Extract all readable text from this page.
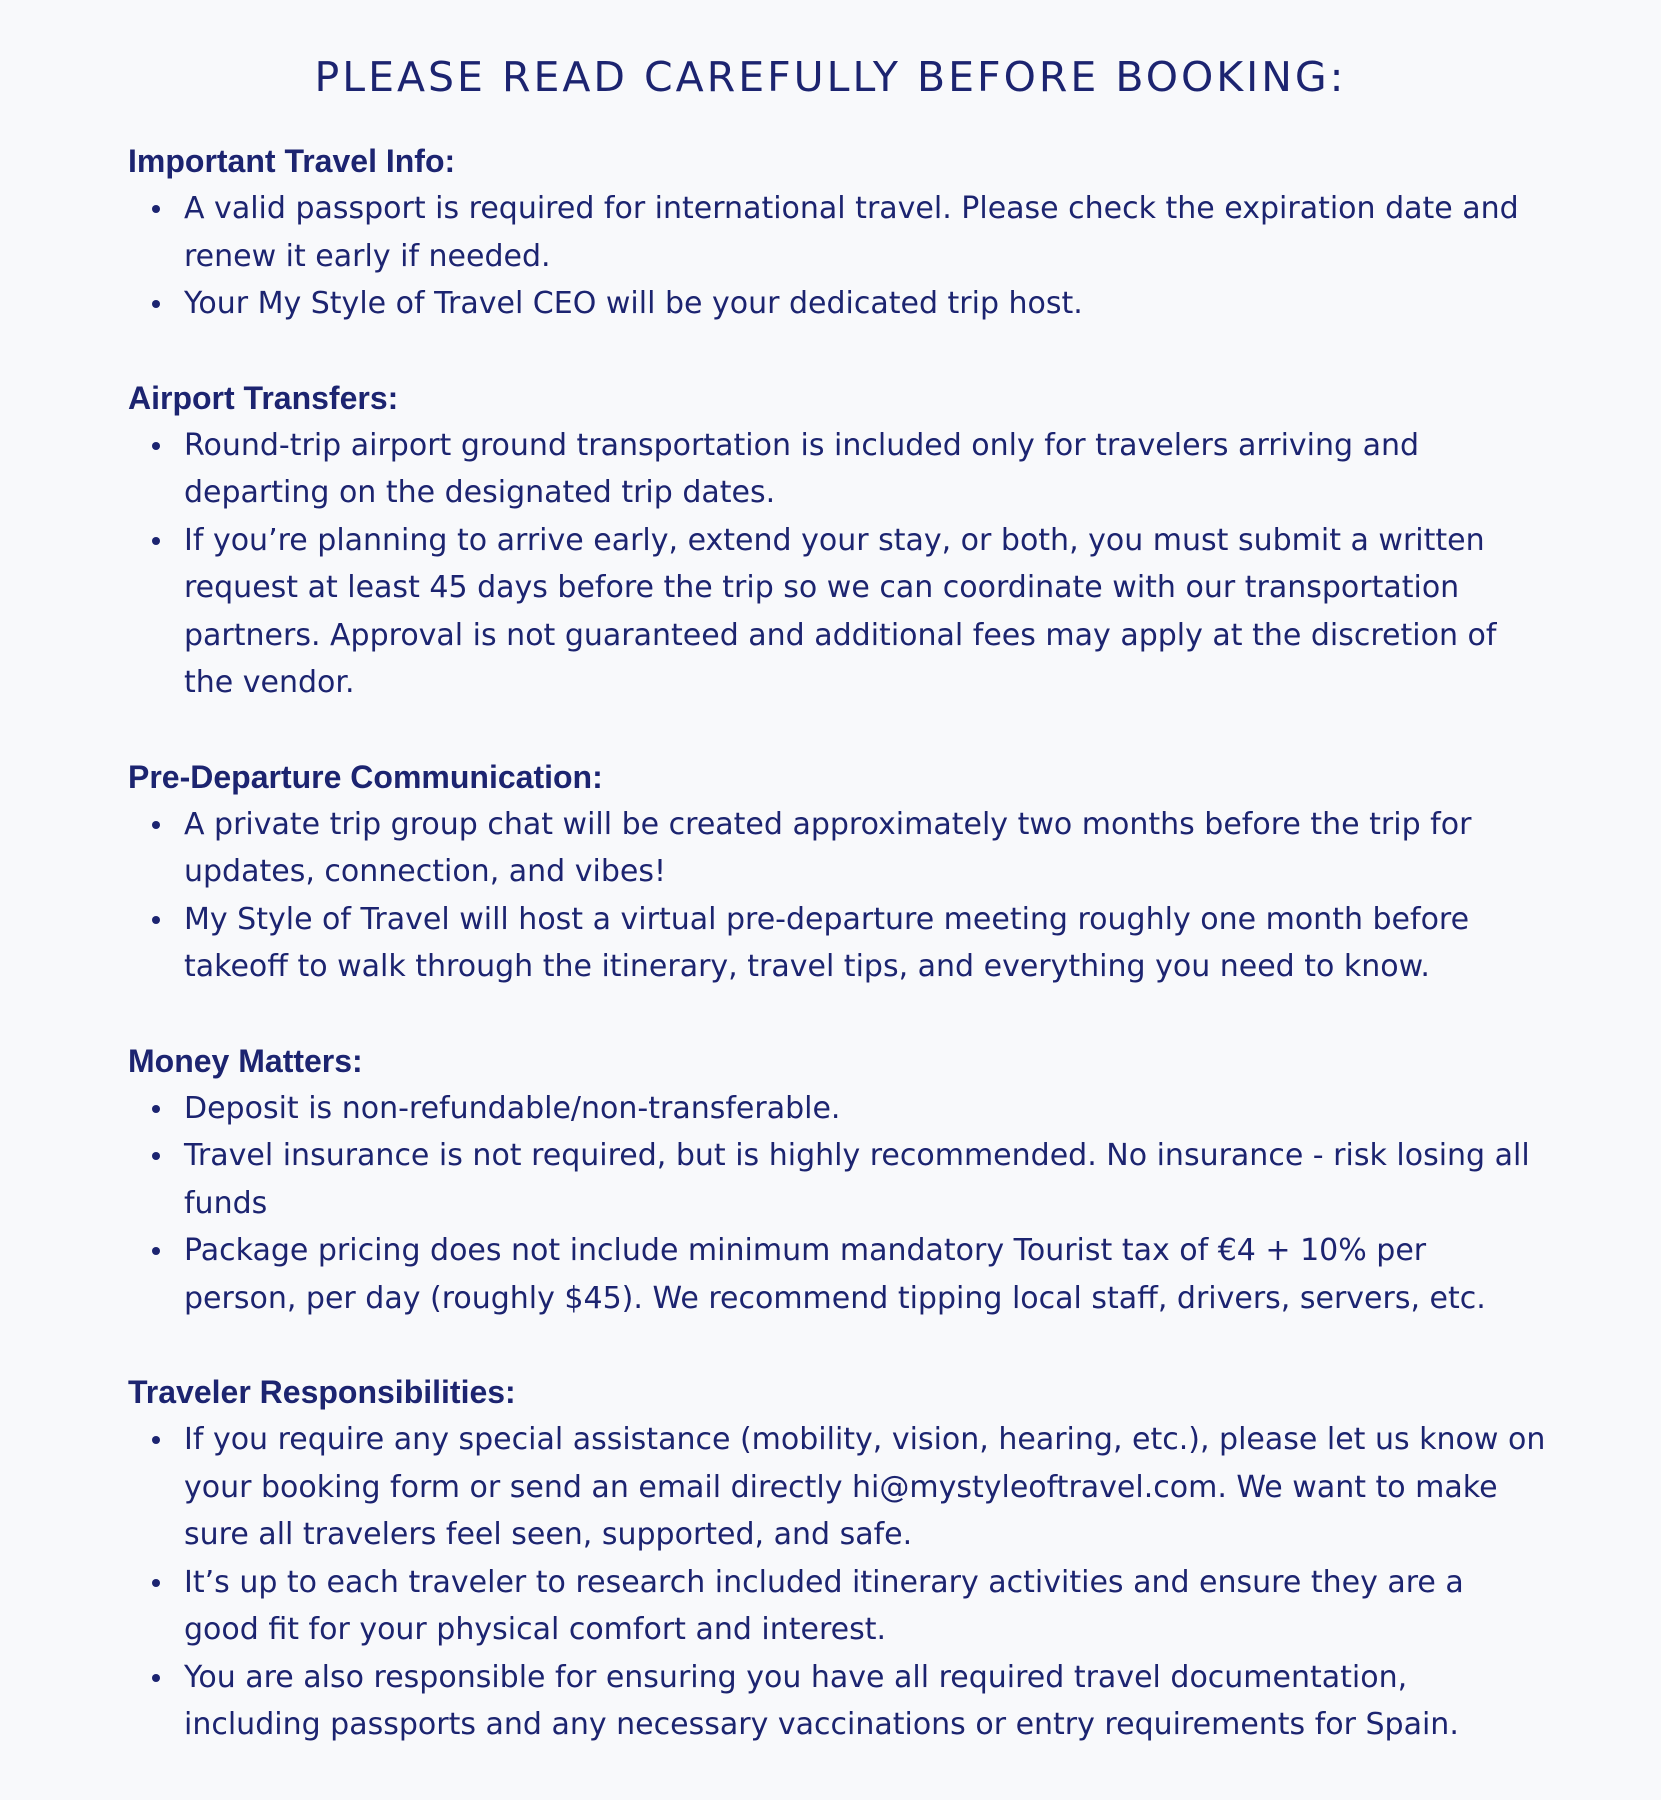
PLEASE READ CAREFULLY BEFORE BOOKING:
Important Travel Info:
A valid passport is required for international travel. Please check the expiration date and renew it early if needed.
Your My Style of Travel CEO will be your dedicated trip host.
Airport Transfers:
Round-trip airport ground transportation is included only for travelers arriving and departing on the designated trip dates.
If you’re planning to arrive early, extend your stay, or both, you must submit a written request at least 45 days before the trip so we can coordinate with our transportation partners. Approval is not guaranteed and additional fees may apply at the discretion of the vendor.
Pre-Departure Communication:
A private trip group chat will be created approximately two months before the trip for updates, connection, and vibes!
My Style of Travel will host a virtual pre-departure meeting roughly one month before takeoff to walk through the itinerary, travel tips, and everything you need to know.
Money Matters:
Deposit is non-refundable/non-transferable.
Travel insurance is not required, but is highly recommended. No insurance - risk losing all funds
Package pricing does not include minimum mandatory Tourist tax of €4 + 10% per person, per day (roughly $45). We recommend tipping local staff, drivers, servers, etc.
Traveler Responsibilities:
If you require any special assistance (mobility, vision, hearing, etc.), please let us know on your booking form or send an email directly hi@mystyleoftravel.com. We want to make sure all travelers feel seen, supported, and safe.
It’s up to each traveler to research included itinerary activities and ensure they are a good fit for your physical comfort and interest.
You are also responsible for ensuring you have all required travel documentation, including passports and any necessary vaccinations or entry requirements for Spain.
